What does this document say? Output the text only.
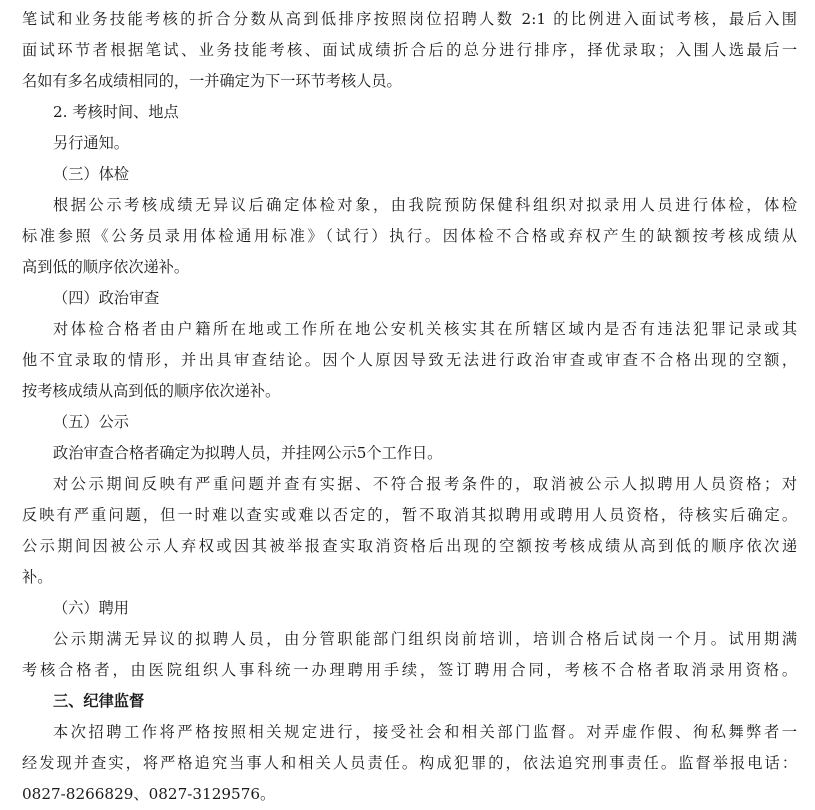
笔试和业务技能考核的折合分数从高到低排序按照岗位招聘人数 2:1 的比例进入面试考核，最后入围
面试环节者根据笔试、业务技能考核、面试成绩折合后的总分进行排序，择优录取；入围人选最后一
名如有多名成绩相同的，一并确定为下一环节考核人员。
2. 考核时间、地点
另行通知。
（三）体检
根据公示考核成绩无异议后确定体检对象，由我院预防保健科组织对拟录用人员进行体检，体检
标准参照《公务员录用体检通用标准》（试行）执行。因体检不合格或弃权产生的缺额按考核成绩从
高到低的顺序依次递补。
（四）政治审查
对体检合格者由户籍所在地或工作所在地公安机关核实其在所辖区域内是否有违法犯罪记录或其
他不宜录取的情形，并出具审查结论。因个人原因导致无法进行政治审查或审查不合格出现的空额，
按考核成绩从高到低的顺序依次递补。
（五）公示
政治审查合格者确定为拟聘人员，并挂网公示5个工作日。
对公示期间反映有严重问题并查有实据、不符合报考条件的，取消被公示人拟聘用人员资格；对
反映有严重问题，但一时难以查实或难以否定的，暂不取消其拟聘用或聘用人员资格，待核实后确定。
公示期间因被公示人弃权或因其被举报查实取消资格后出现的空额按考核成绩从高到低的顺序依次递
补。
（六）聘用
公示期满无异议的拟聘人员，由分管职能部门组织岗前培训，培训合格后试岗一个月。试用期满
考核合格者，由医院组织人事科统一办理聘用手续，签订聘用合同，考核不合格者取消录用资格。
三、纪律监督
本次招聘工作将严格按照相关规定进行，接受社会和相关部门监督。对弄虚作假、徇私舞弊者一
经发现并查实，将严格追究当事人和相关人员责任。构成犯罪的，依法追究刑事责任。监督举报电话：
0827-8266829、0827-3129576。
